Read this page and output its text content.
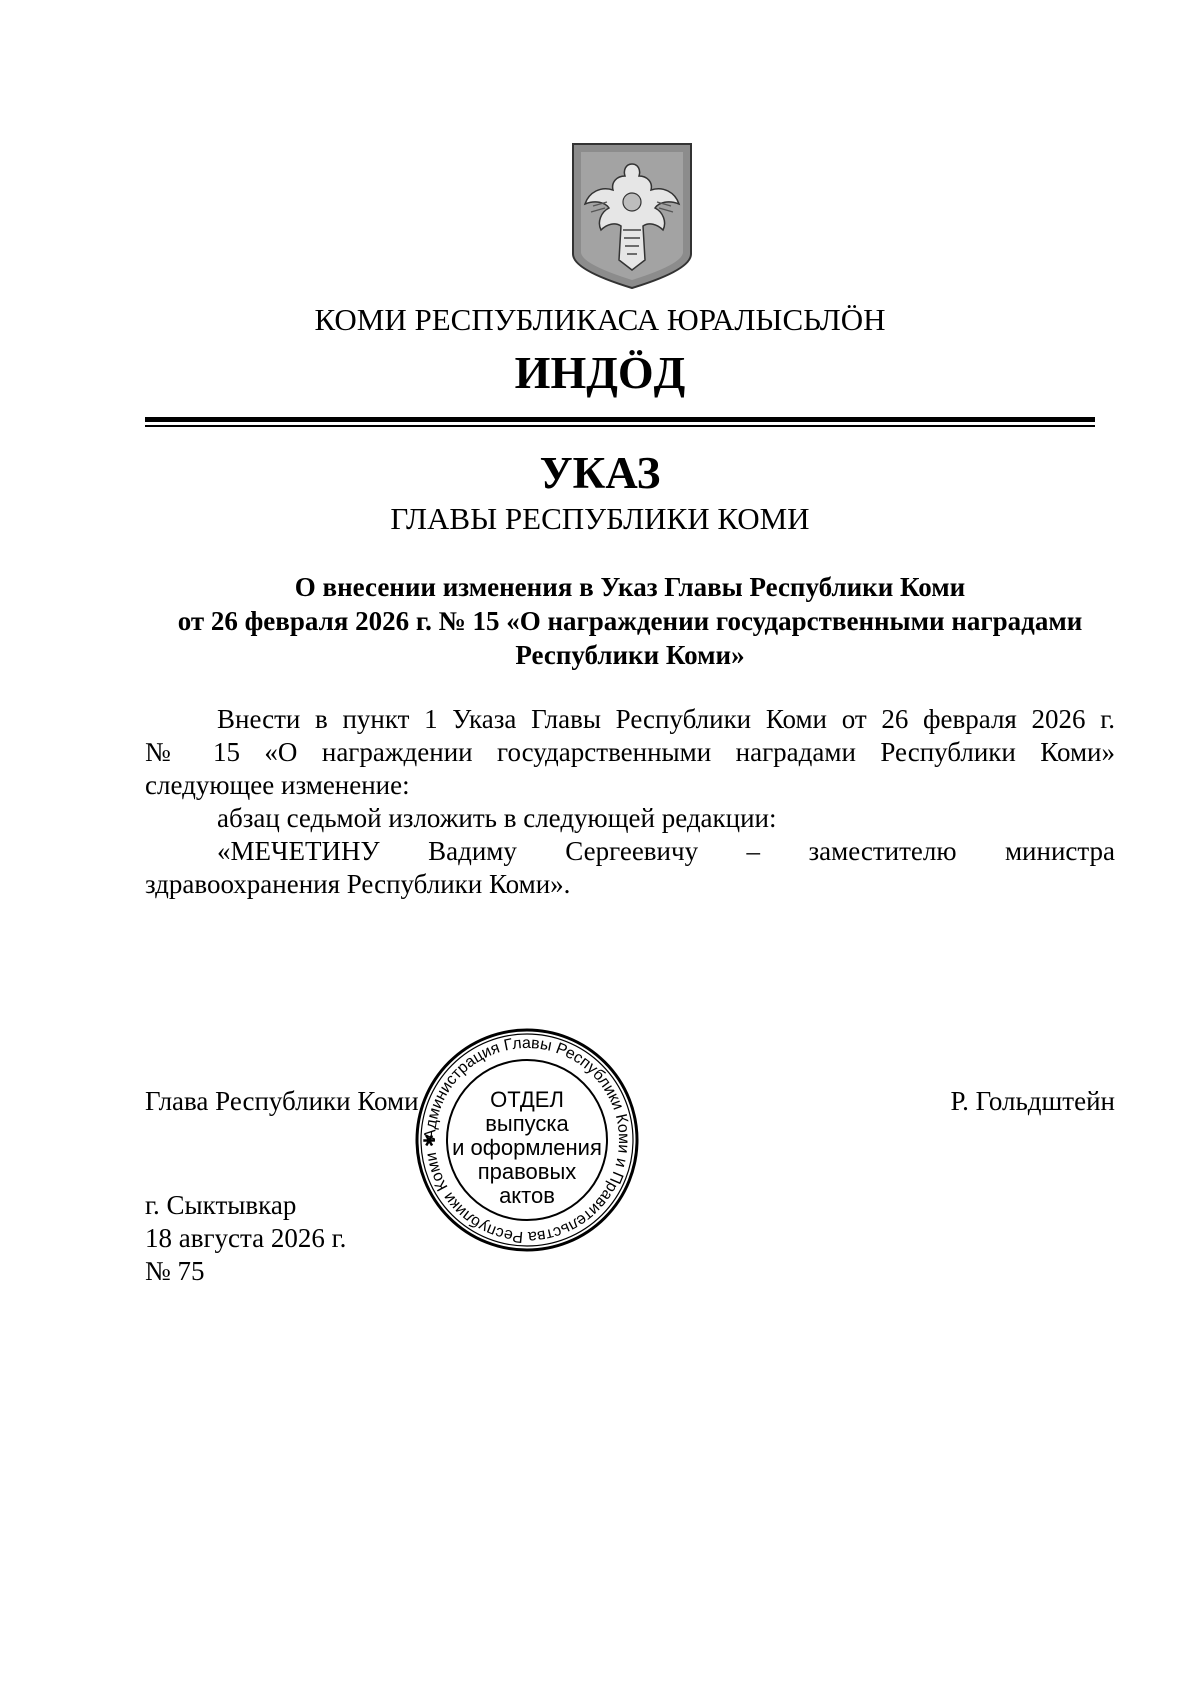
КОМИ РЕСПУБЛИКАСА ЮРАЛЫСЬЛӦН
ИНДӦД
УКАЗ
ГЛАВЫ РЕСПУБЛИКИ КОМИ
О внесении изменения в Указ Главы Республики Коми
от 26 февраля 2026 г. № 15 «О награждении государственными наградами
Республики Коми»
Внести в пункт 1 Указа Главы Республики Коми от 26 февраля 2026 г.
№ 15 «О награждении государственными наградами Республики Коми»
следующее изменение:
абзац седьмой изложить в следующей редакции:
«МЕЧЕТИНУ Вадиму Сергеевичу – заместителю министра
здравоохранения Республики Коми».
Глава Республики Коми	Р. Гольдштейн
г. Сыктывкар
18 августа 2026 г.
№ 75
Администрация Главы Республики Коми и Правительства Республики Коми ✱
ОТДЕЛ
выпуска
и оформления
правовых
актов
